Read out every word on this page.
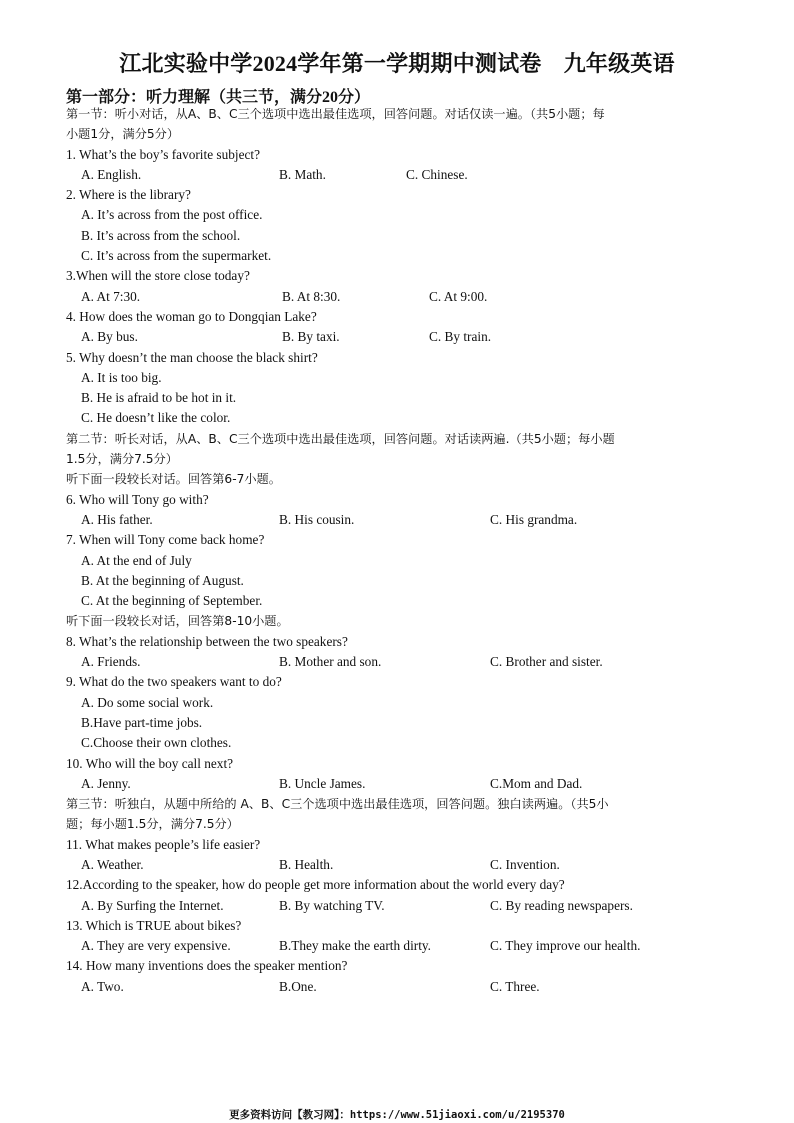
江北实验中学2024学年第一学期期中测试卷　九年级英语
第一部分：听力理解（共三节，满分20分）
第一节：听小对话，从A、B、C三个选项中选出最佳选项，回答问题。对话仅读一遍。（共5小题；每
小题1分，满分5分）
1. What’s the boy’s favorite subject?
A. English.	B. Math.	C. Chinese.
2. Where is the library?
A. It’s across from the post office.
B. It’s across from the school.
C. It’s across from the supermarket.
3.When will the store close today?
A. At 7:30.	B. At 8:30.	C. At 9:00.
4. How does the woman go to Dongqian Lake?
A. By bus.	B. By taxi.	C. By train.
5. Why doesn’t the man choose the black shirt?
A. It is too big.
B. He is afraid to be hot in it.
C. He doesn’t like the color.
第二节：听长对话，从A、B、C三个选项中选出最佳选项，回答问题。对话读两遍.（共5小题；每小题
1.5分，满分7.5分）
听下面一段较长对话。回答第6-7小题。
6. Who will Tony go with?
A. His father.	B. His cousin.	C. His grandma.
7. When will Tony come back home?
A. At the end of July
B. At the beginning of August.
C. At the beginning of September.
听下面一段较长对话，回答第8-10小题。
8. What’s the relationship between the two speakers?
A. Friends.	B. Mother and son.	C. Brother and sister.
9. What do the two speakers want to do?
A. Do some social work.
B.Have part-time jobs.
C.Choose their own clothes.
10. Who will the boy call next?
A. Jenny.	B. Uncle James.	C.Mom and Dad.
第三节：听独白，从题中所给的 A、B、C三个选项中选出最佳选项，回答问题。独白读两遍。（共5小
题；每小题1.5分，满分7.5分）
11. What makes people’s life easier?
A. Weather.	B. Health.	C. Invention.
12.According to the speaker, how do people get more information about the world every day?
A. By Surfing the Internet.	B. By watching TV.	C. By reading newspapers.
13. Which is TRUE about bikes?
A. They are very expensive.	B.They make the earth dirty.	C. They improve our health.
14. How many inventions does the speaker mention?
A. Two.	B.One.	C. Three.
更多资料访问【教习网】：https://www.51jiaoxi.com/u/2195370
